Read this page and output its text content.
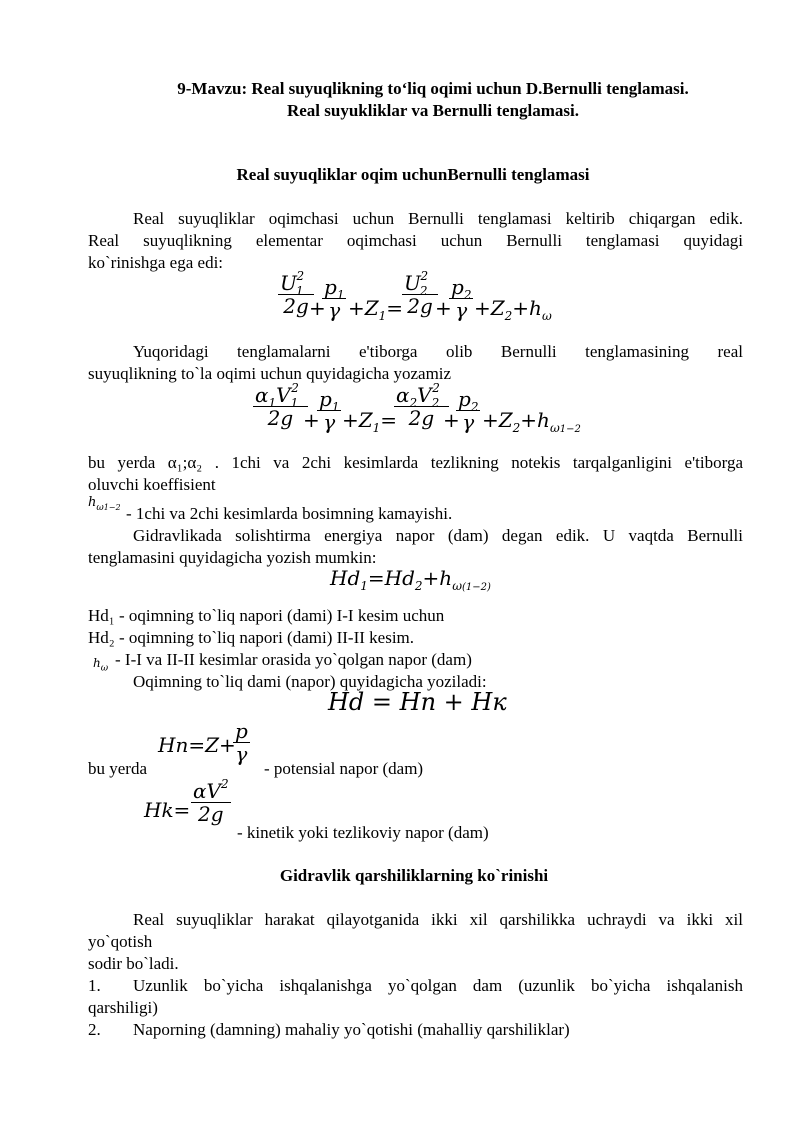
9-Mavzu: Real suyuqlikning to‘liq oqimi uchun D.Bernulli tenglamasi.
Real suyukliklar va Bernulli tenglamasi.
Real suyuqliklar oqim uchunBernulli tenglamasi
Real suyuqliklar oqimchasi uchun Bernulli tenglamasi keltirib chiqargan edik.
Real suyuqlikning elementar oqimchasi uchun Bernulli tenglamasi quyidagi
ko`rinishga ega edi:
$\frac{U_1^2}{2g}$
+
$\frac{p_1}{\gamma} +Z_1=$
$\frac{U_2^2}{2g}$
+
$\frac{p_2}{\gamma} +Z_2+h_\omega$
Yuqoridagi tenglamalarni e'tiborga olib Bernulli tenglamasining real
suyuqlikning to`la oqimi uchun quyidagicha yozamiz
$\frac{\alpha_1V_1^2}{2g}$
+
$\frac{p_1}{\gamma} +Z_1=$
$\frac{\alpha_2V_2^2}{2g}$
+
$\frac{p_2}{\gamma} +Z_2+h_{\omega 1-2}$
bu yerda α₁;α₂ . 1chi va 2chi kesimlarda tezlikning notekis tarqalganligini e'tiborga
oluvchi koeffisient
$h_{\omega 1-2} - 1chi$ va 2chi kesimlarda bosimning kamayishi.
Gidravlikada solishtirma energiya napor (dam) degan edik. U vaqtda Bernulli
tenglamasini quyidagicha yozish mumkin:
$Hd_1=Hd_2+h_{\omega(1-2)}$
Hd₁ - oqimning to`liq napori (dami) I-I kesim uchun
Hd₂ - oqimning to`liq napori (dami) II-II kesim.
$h_\omega - I-I$ va II-II kesimlar orasida yo`qolgan napor (dam)
Oqimning to`liq dami (napor) quyidagicha yoziladi:
Hd = Hn + Hк
Hn=Z+
$\frac{p}{\gamma}$
bu yerda	- potensial napor (dam)
$Hk= \frac{\alpha V^2}{2g}$
- kinetik yoki tezlikoviy napor (dam)
Gidravlik qarshiliklarning ko`rinishi
Real suyuqliklar harakat qilayotganida ikki xil qarshilikka uchraydi va ikki xil
yo`qotish
sodir bo`ladi.
1. Uzunlik bo`yicha ishqalanishga yo`qolgan dam (uzunlik bo`yicha ishqalanish
qarshiligi)
2. Naporning (damning) mahaliy yo`qotishi (mahalliy qarshiliklar)
